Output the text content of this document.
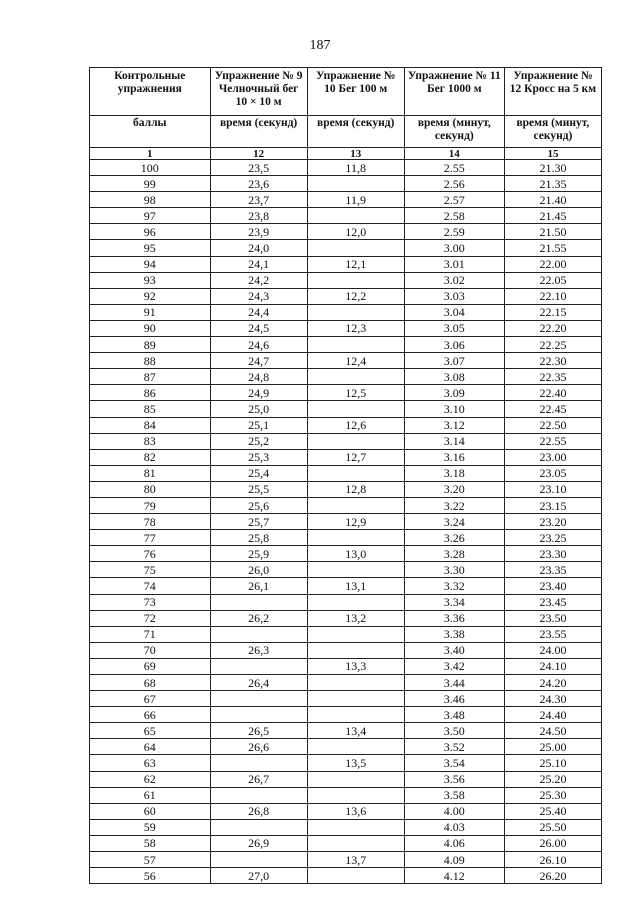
187
Контрольные упражнения	Упражнение № 9 Челночный бег 10 × 10 м	Упражнение № 10 Бег 100 м	Упражнение № 11 Бег 1000 м	Упражнение № 12 Кросс на 5 км
баллы	время (секунд)	время (секунд)	время (минут, секунд)	время (минут, секунд)
1	12	13	14	15
100	23,5	11,8	2.55	21.30
99	23,6		2.56	21.35
98	23,7	11,9	2.57	21.40
97	23,8		2.58	21.45
96	23,9	12,0	2.59	21.50
95	24,0		3.00	21.55
94	24,1	12,1	3.01	22.00
93	24,2		3.02	22.05
92	24,3	12,2	3.03	22.10
91	24,4		3.04	22.15
90	24,5	12,3	3.05	22.20
89	24,6		3.06	22.25
88	24,7	12,4	3.07	22.30
87	24,8		3.08	22.35
86	24,9	12,5	3.09	22.40
85	25,0		3.10	22.45
84	25,1	12,6	3.12	22.50
83	25,2		3.14	22.55
82	25,3	12,7	3.16	23.00
81	25,4		3.18	23.05
80	25,5	12,8	3.20	23.10
79	25,6		3.22	23.15
78	25,7	12,9	3.24	23.20
77	25,8		3.26	23.25
76	25,9	13,0	3.28	23.30
75	26,0		3.30	23.35
74	26,1	13,1	3.32	23.40
73			3.34	23.45
72	26,2	13,2	3.36	23.50
71			3.38	23.55
70	26,3		3.40	24.00
69		13,3	3.42	24.10
68	26,4		3.44	24.20
67			3.46	24.30
66			3.48	24.40
65	26,5	13,4	3.50	24.50
64	26,6		3.52	25.00
63		13,5	3.54	25.10
62	26,7		3.56	25.20
61			3.58	25.30
60	26,8	13,6	4.00	25.40
59			4.03	25.50
58	26,9		4.06	26.00
57		13,7	4.09	26.10
56	27,0		4.12	26.20
